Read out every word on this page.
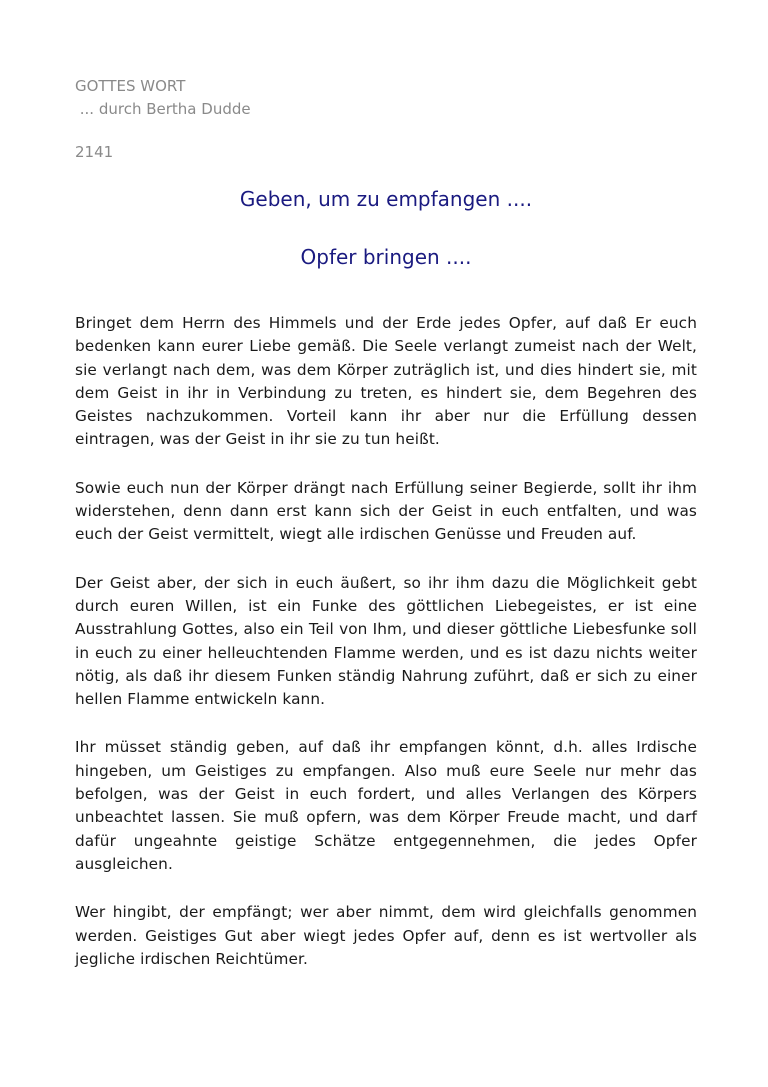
GOTTES WORT

... durch Bertha Dudde

2141

Geben, um zu empfangen ....
Opfer bringen ....

Bringet dem Herrn des Himmels und der Erde jedes Opfer, auf daß Er euch bedenken kann eurer Liebe gemäß. Die Seele verlangt zumeist nach der Welt, sie verlangt nach dem, was dem Körper zuträglich ist, und dies hindert sie, mit dem Geist in ihr in Verbindung zu treten, es hindert sie, dem Begehren des Geistes nachzukommen. Vorteil kann ihr aber nur die Erfüllung dessen eintragen, was der Geist in ihr sie zu tun heißt.

Sowie euch nun der Körper drängt nach Erfüllung seiner Begierde, sollt ihr ihm widerstehen, denn dann erst kann sich der Geist in euch entfalten, und was euch der Geist vermittelt, wiegt alle irdischen Genüsse und Freuden auf.

Der Geist aber, der sich in euch äußert, so ihr ihm dazu die Möglichkeit gebt durch euren Willen, ist ein Funke des göttlichen Liebegeistes, er ist eine Ausstrahlung Gottes, also ein Teil von Ihm, und dieser göttliche Liebesfunke soll in euch zu einer helleuchtenden Flamme werden, und es ist dazu nichts weiter nötig, als daß ihr diesem Funken ständig Nahrung zuführt, daß er sich zu einer hellen Flamme entwickeln kann.

Ihr müsset ständig geben, auf daß ihr empfangen könnt, d.h. alles Irdische hingeben, um Geistiges zu empfangen. Also muß eure Seele nur mehr das befolgen, was der Geist in euch fordert, und alles Verlangen des Körpers unbeachtet lassen. Sie muß opfern, was dem Körper Freude macht, und darf dafür ungeahnte geistige Schätze entgegennehmen, die jedes Opfer ausgleichen.

Wer hingibt, der empfängt; wer aber nimmt, dem wird gleichfalls genommen werden. Geistiges Gut aber wiegt jedes Opfer auf, denn es ist wertvoller als jegliche irdischen Reichtümer.
